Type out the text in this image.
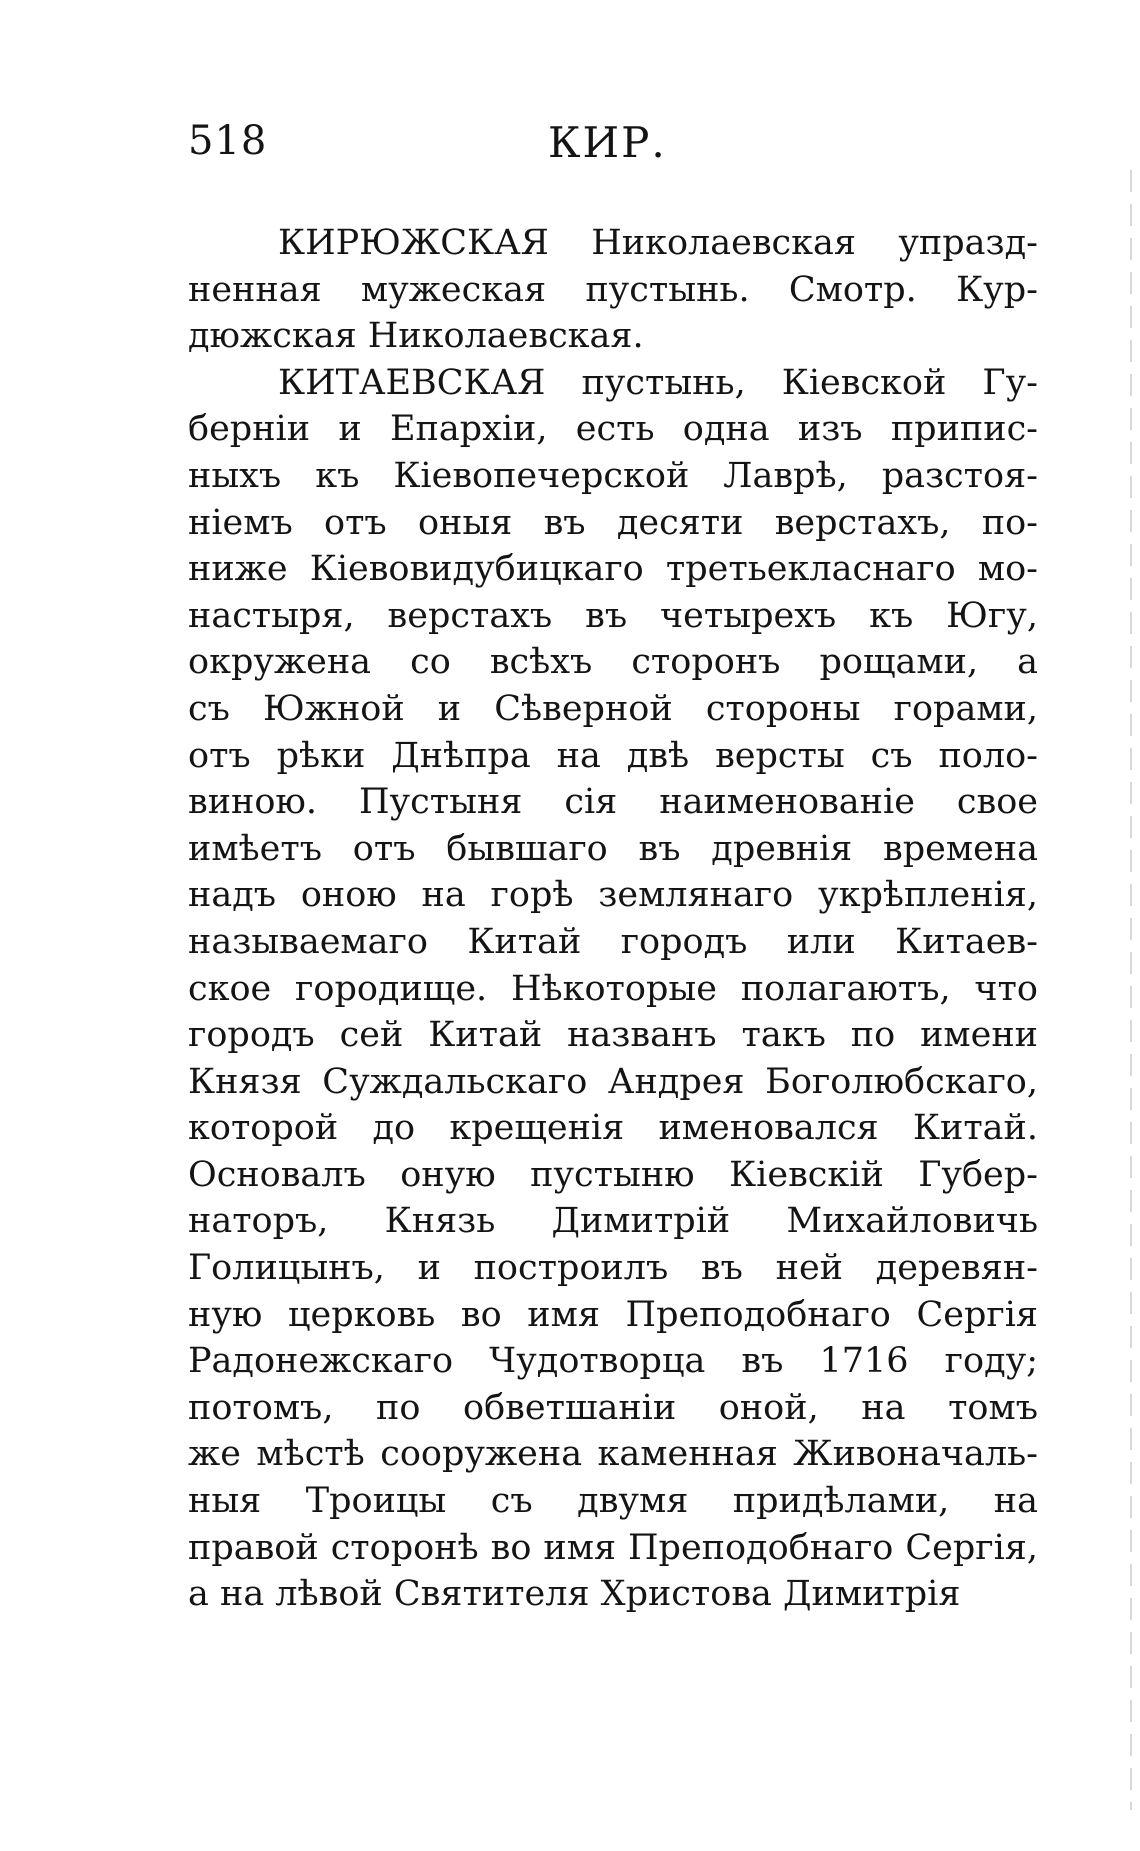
518	КИР.
КИРЮЖСКАЯ Николаевская упразд-
ненная мужеская пустынь. Смотр. Кур-
дюжская Николаевская.
КИТАЕВСКАЯ пустынь, Кіевской Гу-
берніи и Епархіи, есть одна изъ припис-
ныхъ къ Кіевопечерской Лаврѣ, разстоя-
ніемъ отъ оныя въ десяти верстахъ, по-
ниже Кіевовидубицкаго третьекласнаго мо-
настыря, верстахъ въ четырехъ къ Югу,
окружена со всѣхъ сторонъ рощами, а
съ Южной и Сѣверной стороны горами,
отъ рѣки Днѣпра на двѣ версты съ поло-
виною. Пустыня сія наименованіе свое
имѣетъ отъ бывшаго въ древнія времена
надъ оною на горѣ землянаго укрѣпленія,
называемаго Китай городъ или Китаев-
ское городище. Нѣкоторые полагаютъ, что
городъ сей Китай названъ такъ по имени
Князя Суждальскаго Андрея Боголюбскаго,
которой до крещенія именовался Китай.
Основалъ оную пустыню Кіевскій Губер-
наторъ, Князь Димитрій Михайловичь
Голицынъ, и построилъ въ ней деревян-
ную церковь во имя Преподобнаго Сергія
Радонежскаго Чудотворца въ 1716 году;
потомъ, по обветшаніи оной, на томъ
же мѣстѣ сооружена каменная Живоначаль-
ныя Троицы съ двумя придѣлами, на
правой сторонѣ во имя Преподобнаго Сергія,
а на лѣвой Святителя Христова Димитрія
